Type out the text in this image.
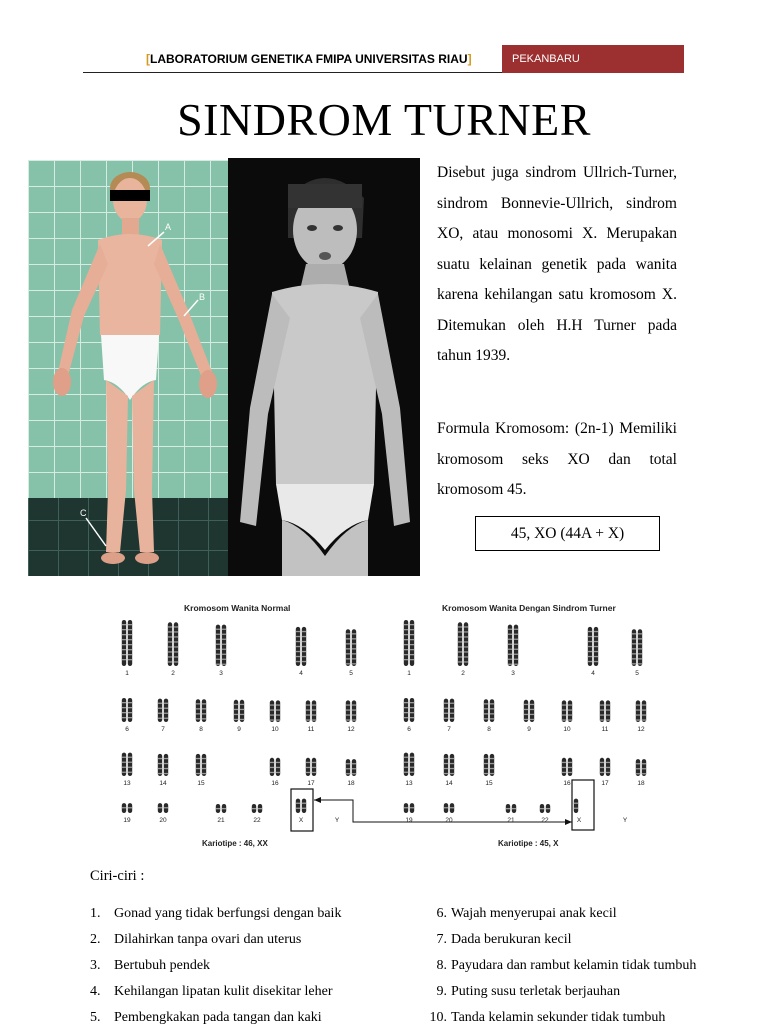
[LABORATORIUM GENETIKA FMIPA UNIVERSITAS RIAU]	PEKANBARU
SINDROM TURNER
A
B
C
Disebut juga sindrom Ullrich-Turner, sindrom Bonnevie-Ullrich, sindrom XO, atau monosomi X. Merupakan suatu kelainan genetik pada wanita karena kehilangan satu kromosom X. Ditemukan oleh H.H Turner pada tahun 1939.
Formula Kromosom: (2n-1) Memiliki kromosom seks XO dan total kromosom 45.
45, XO (44A + X)
Kromosom Wanita Normal	Kromosom Wanita Dengan Sindrom Turner
1	2	3	4	5
6	7	8	9	10	11	12
13	14	15	16	17	18
19	20	21	22	X	Y
1	2	3	4	5
6	7	8	9	10	11	12
13	14	15	16	17	18
19	20	21	22	X	Y
Kariotipe : 46, XX	Kariotipe : 45, X
Ciri-ciri :
1. Gonad yang tidak berfungsi dengan baik
2. Dilahirkan tanpa ovari dan uterus
3. Bertubuh pendek
4. Kehilangan lipatan kulit disekitar leher
5. Pembengkakan pada tangan dan kaki
6. Wajah menyerupai anak kecil
7. Dada berukuran kecil
8. Payudara dan rambut kelamin tidak tumbuh
9. Puting susu terletak berjauhan
10. Tanda kelamin sekunder tidak tumbuh
